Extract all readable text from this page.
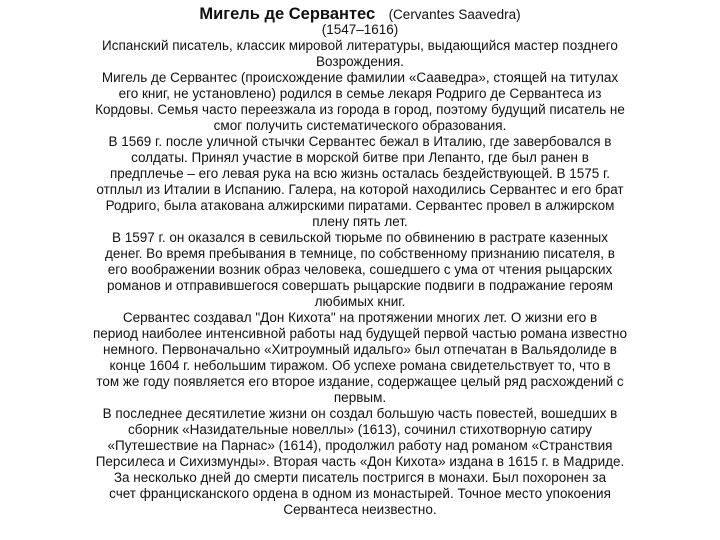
Мигель де Сервантес (Cervantes Saavedra)
(1547–1616)
Испанский писатель, классик мировой литературы, выдающийся мастер позднего
Возрождения.
Мигель де Сервантес (происхождение фамилии «Сааведра», стоящей на титулах
его книг, не установлено) родился в семье лекаря Родриго де Сервантеса из
Кордовы. Семья часто переезжала из города в город, поэтому будущий писатель не
смог получить систематического образования.
В 1569 г. после уличной стычки Сервантес бежал в Италию, где завербовался в
солдаты. Принял участие в морской битве при Лепанто, где был ранен в
предплечье – его левая рука на всю жизнь осталась бездействующей. В 1575 г.
отплыл из Италии в Испанию. Галера, на которой находились Сервантес и его брат
Родриго, была атакована алжирскими пиратами. Сервантес провел в алжирском
плену пять лет.
В 1597 г. он оказался в севильской тюрьме по обвинению в растрате казенных
денег. Во время пребывания в темнице, по собственному признанию писателя, в
его воображении возник образ человека, сошедшего с ума от чтения рыцарских
романов и отправившегося совершать рыцарские подвиги в подражание героям
любимых книг.
Сервантес создавал "Дон Кихота" на протяжении многих лет. О жизни его в
период наиболее интенсивной работы над будущей первой частью романа известно
немного. Первоначально «Хитроумный идальго» был отпечатан в Вальядолиде в
конце 1604 г. небольшим тиражом. Об успехе романа свидетельствует то, что в
том же году появляется его второе издание, содержащее целый ряд расхождений с
первым.
В последнее десятилетие жизни он создал большую часть повестей, вошедших в
сборник «Назидательные новеллы» (1613), сочинил стихотворную сатиру
«Путешествие на Парнас» (1614), продолжил работу над романом «Странствия
Персилеса и Сихизмунды». Вторая часть «Дон Кихота» издана в 1615 г. в Мадриде.
За несколько дней до смерти писатель постригся в монахи. Был похоронен за
счет францисканского ордена в одном из монастырей. Точное место упокоения
Сервантеса неизвестно.
